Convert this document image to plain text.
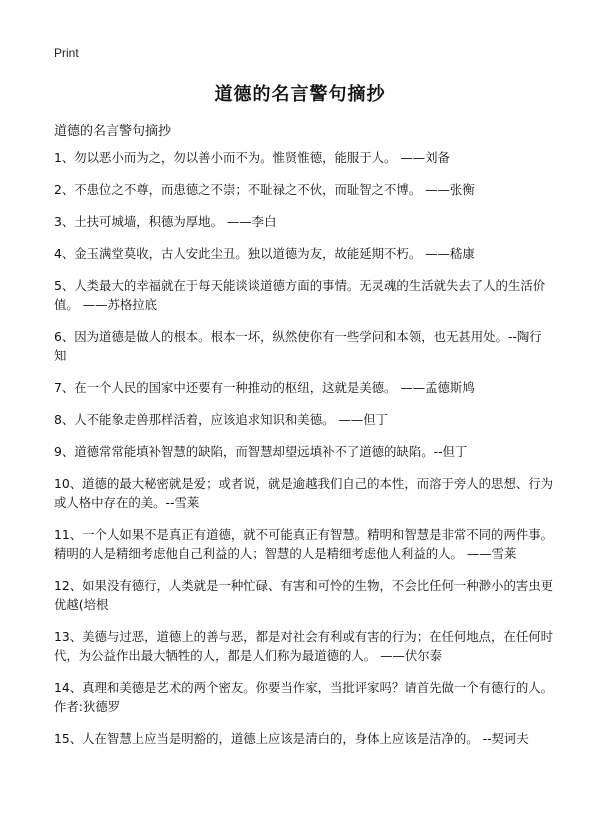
Print
道德的名言警句摘抄
道德的名言警句摘抄
1、勿以恶小而为之，勿以善小而不为。惟贤惟德，能服于人。 ——刘备
2、不患位之不尊，而患德之不崇；不耻禄之不伙，而耻智之不博。 ——张衡
3、土扶可城墙，积德为厚地。 ——李白
4、金玉满堂莫收，古人安此尘丑。独以道德为友，故能延期不朽。 ——嵇康
5、人类最大的幸福就在于每天能谈谈道德方面的事情。无灵魂的生活就失去了人的生活价值。 ——苏格拉底
6、因为道德是做人的根本。根本一坏，纵然使你有一些学问和本领，也无甚用处。--陶行知
7、在一个人民的国家中还要有一种推动的枢纽，这就是美德。 ——孟德斯鸠
8、人不能象走兽那样活着，应该追求知识和美德。 ——但丁
9、道德常常能填补智慧的缺陷，而智慧却望远填补不了道德的缺陷。--但丁
10、道德的最大秘密就是爱；或者说，就是逾越我们自己的本性，而溶于旁人的思想、行为或人格中存在的美。--雪莱
11、一个人如果不是真正有道德，就不可能真正有智慧。精明和智慧是非常不同的两件事。精明的人是精细考虑他自己利益的人；智慧的人是精细考虑他人利益的人。 ——雪莱
12、如果没有德行，人类就是一种忙碌、有害和可怜的生物，不会比任何一种渺小的害虫更优越(培根
13、美德与过恶，道德上的善与恶，都是对社会有利或有害的行为；在任何地点，在任何时代，为公益作出最大牺牲的人，都是人们称为最道德的人。 ——伏尔泰
14、真理和美德是艺术的两个密友。你要当作家，当批评家吗？请首先做一个有德行的人。 作者:狄德罗
15、人在智慧上应当是明豁的，道德上应该是清白的，身体上应该是洁净的。 --契诃夫
